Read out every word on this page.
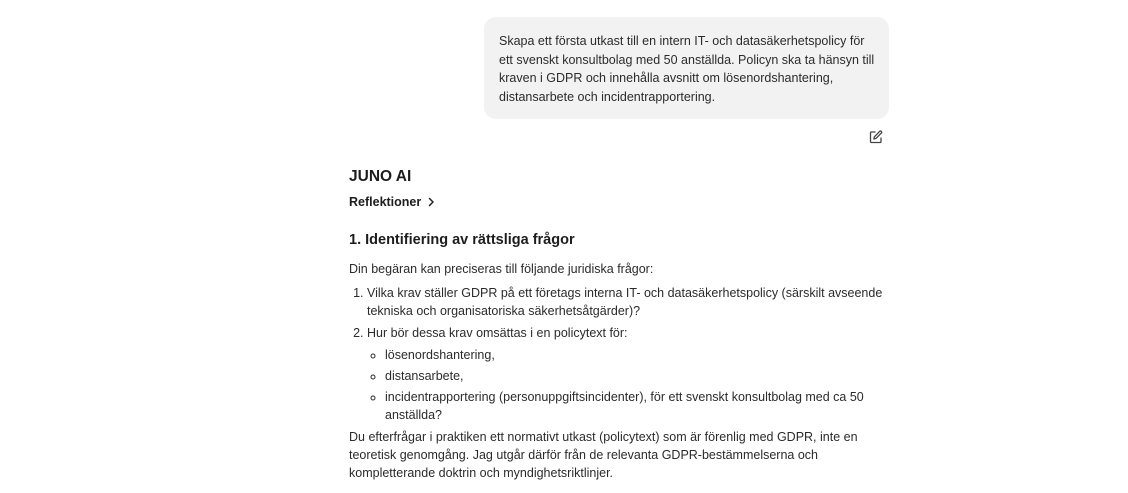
Skapa ett första utkast till en intern IT- och datasäkerhetspolicy för ett svenskt konsultbolag med 50 anställda. Policyn ska ta hänsyn till kraven i GDPR och innehålla avsnitt om lösenordshantering, distansarbete och incidentrapportering.

JUNO AI

Reflektioner

1. Identifiering av rättsliga frågor

Din begäran kan preciseras till följande juridiska frågor:

1. Vilka krav ställer GDPR på ett företags interna IT- och datasäkerhetspolicy (särskilt avseende tekniska och organisatoriska säkerhetsåtgärder)?
2. Hur bör dessa krav omsättas i en policytext för:
◦ lösenordshantering,
◦ distansarbete,
◦ incidentrapportering (personuppgiftsincidenter), för ett svenskt konsultbolag med ca 50 anställda?

Du efterfrågar i praktiken ett normativt utkast (policytext) som är förenlig med GDPR, inte en teoretisk genomgång. Jag utgår därför från de relevanta GDPR-bestämmelserna och kompletterande doktrin och myndighetsriktlinjer.
